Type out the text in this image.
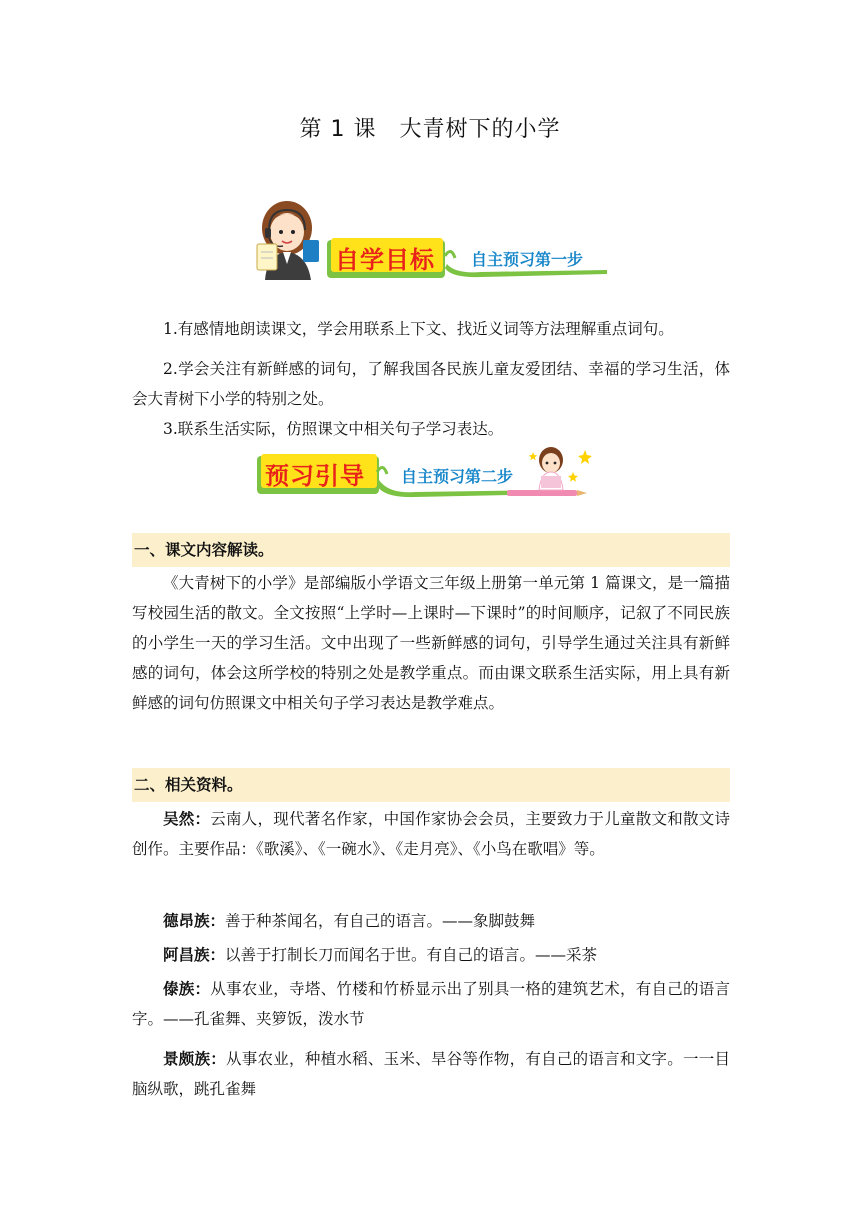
第 1 课　大青树下的小学
自学目标 自主预习第一步
1.有感情地朗读课文，学会用联系上下文、找近义词等方法理解重点词句。
2.学会关注有新鲜感的词句，了解我国各民族儿童友爱团结、幸福的学习生活，体会大青树下小学的特别之处。
3.联系生活实际，仿照课文中相关句子学习表达。
预习引导 自主预习第二步
一、课文内容解读。
《大青树下的小学》是部编版小学语文三年级上册第一单元第 1 篇课文，是一篇描写校园生活的散文。全文按照“上学时—上课时—下课时”的时间顺序，记叙了不同民族的小学生一天的学习生活。文中出现了一些新鲜感的词句，引导学生通过关注具有新鲜感的词句，体会这所学校的特别之处是教学重点。而由课文联系生活实际，用上具有新鲜感的词句仿照课文中相关句子学习表达是教学难点。
二、相关资料。
吴然：云南人，现代著名作家，中国作家协会会员，主要致力于儿童散文和散文诗创作。主要作品：《歌溪》、《一碗水》、《走月亮》、《小鸟在歌唱》等。
德昂族：善于种茶闻名，有自己的语言。——象脚鼓舞
阿昌族：以善于打制长刀而闻名于世。有自己的语言。——采茶
傣族：从事农业，寺塔、竹楼和竹桥显示出了别具一格的建筑艺术，有自己的语言字。——孔雀舞、夹箩饭，泼水节
景颇族：从事农业，种植水稻、玉米、旱谷等作物，有自己的语言和文字。一一目脑纵歌，跳孔雀舞
